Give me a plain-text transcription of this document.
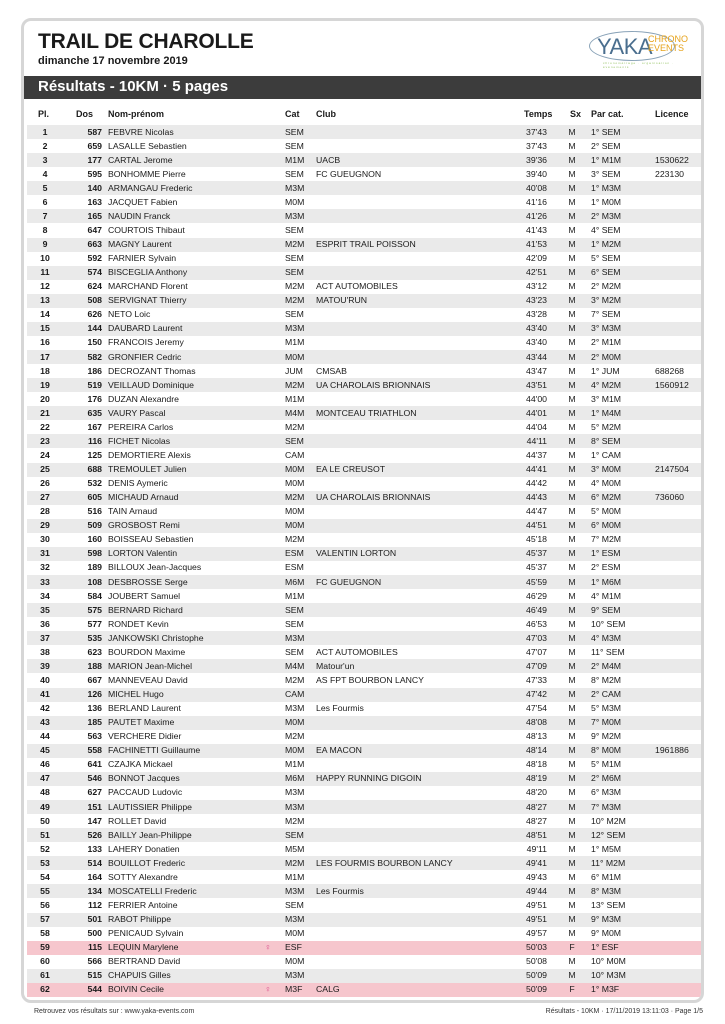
TRAIL DE CHAROLLE
dimanche 17 novembre 2019
YAKA
CHRONO
EVENTS
chronométrage · organisation · évènements
Résultats - 10KM · 5 pages
Pl.	Dos Nom-prénom	Cat Club	Temps Sx Par cat.	Licence
1	587 FEBVRE Nicolas	SEM	37'43 M 1° SEM
2	659 LASALLE Sebastien	SEM	37'43 M 2° SEM
3	177 CARTAL Jerome	M1M UACB	39'36 M 1° M1M	1530622
4	595 BONHOMME Pierre	SEM FC GUEUGNON	39'40 M 3° SEM	223130
5	140 ARMANGAU Frederic	M3M	40'08 M 1° M3M
6	163 JACQUET Fabien	M0M	41'16 M 1° M0M
7	165 NAUDIN Franck	M3M	41'26 M 2° M3M
8	647 COURTOIS Thibaut	SEM	41'43 M 4° SEM
9	663 MAGNY Laurent	M2M ESPRIT TRAIL POISSON	41'53 M 1° M2M
10	592 FARNIER Sylvain	SEM	42'09 M 5° SEM
11	574 BISCEGLIA Anthony	SEM	42'51 M 6° SEM
12	624 MARCHAND Florent	M2M ACT AUTOMOBILES	43'12 M 2° M2M
13	508 SERVIGNAT Thierry	M2M MATOU'RUN	43'23 M 3° M2M
14	626 NETO Loic	SEM	43'28 M 7° SEM
15	144 DAUBARD Laurent	M3M	43'40 M 3° M3M
16	150 FRANCOIS Jeremy	M1M	43'40 M 2° M1M
17	582 GRONFIER Cedric	M0M	43'44 M 2° M0M
18	186 DECROZANT Thomas	JUM CMSAB	43'47 M 1° JUM	688268
19	519 VEILLAUD Dominique	M2M UA CHAROLAIS BRIONNAIS	43'51 M 4° M2M	1560912
20	176 DUZAN Alexandre	M1M	44'00 M 3° M1M
21	635 VAURY Pascal	M4M MONTCEAU TRIATHLON	44'01 M 1° M4M
22	167 PEREIRA Carlos	M2M	44'04 M 5° M2M
23	116 FICHET Nicolas	SEM	44'11 M 8° SEM
24	125 DEMORTIERE Alexis	CAM	44'37 M 1° CAM
25	688 TREMOULET Julien	M0M EA LE CREUSOT	44'41 M 3° M0M	2147504
26	532 DENIS Aymeric	M0M	44'42 M 4° M0M
27	605 MICHAUD Arnaud	M2M UA CHAROLAIS BRIONNAIS	44'43 M 6° M2M	736060
28	516 TAIN Arnaud	M0M	44'47 M 5° M0M
29	509 GROSBOST Remi	M0M	44'51 M 6° M0M
30	160 BOISSEAU Sebastien	M2M	45'18 M 7° M2M
31	598 LORTON Valentin	ESM VALENTIN LORTON	45'37 M 1° ESM
32	189 BILLOUX Jean-Jacques	ESM	45'37 M 2° ESM
33	108 DESBROSSE Serge	M6M FC GUEUGNON	45'59 M 1° M6M
34	584 JOUBERT Samuel	M1M	46'29 M 4° M1M
35	575 BERNARD Richard	SEM	46'49 M 9° SEM
36	577 RONDET Kevin	SEM	46'53 M 10° SEM
37	535 JANKOWSKI Christophe	M3M	47'03 M 4° M3M
38	623 BOURDON Maxime	SEM ACT AUTOMOBILES	47'07 M 11° SEM
39	188 MARION Jean-Michel	M4M Matour'un	47'09 M 2° M4M
40	667 MANNEVEAU David	M2M AS FPT BOURBON LANCY	47'33 M 8° M2M
41	126 MICHEL Hugo	CAM	47'42 M 2° CAM
42	136 BERLAND Laurent	M3M Les Fourmis	47'54 M 5° M3M
43	185 PAUTET Maxime	M0M	48'08 M 7° M0M
44	563 VERCHERE Didier	M2M	48'13 M 9° M2M
45	558 FACHINETTI Guillaume	M0M EA MACON	48'14 M 8° M0M	1961886
46	641 CZAJKA Mickael	M1M	48'18 M 5° M1M
47	546 BONNOT Jacques	M6M HAPPY RUNNING DIGOIN	48'19 M 2° M6M
48	627 PACCAUD Ludovic	M3M	48'20 M 6° M3M
49	151 LAUTISSIER Philippe	M3M	48'27 M 7° M3M
50	147 ROLLET David	M2M	48'27 M 10° M2M
51	526 BAILLY Jean-Philippe	SEM	48'51 M 12° SEM
52	133 LAHERY Donatien	M5M	49'11 M 1° M5M
53	514 BOUILLOT Frederic	M2M LES FOURMIS BOURBON LANCY	49'41 M 11° M2M
54	164 SOTTY Alexandre	M1M	49'43 M 6° M1M
55	134 MOSCATELLI Frederic	M3M Les Fourmis	49'44 M 8° M3M
56	112 FERRIER Antoine	SEM	49'51 M 13° SEM
57	501 RABOT Philippe	M3M	49'51 M 9° M3M
58	500 PENICAUD Sylvain	M0M	49'57 M 9° M0M
59	115 LEQUIN Marylene	ESF	50'03	F 1° ESF
♀
60	566 BERTRAND David	M0M	50'08 M 10° M0M
61	515 CHAPUIS Gilles	M3M	50'09 M 10° M3M
62	544 BOIVIN Cecile	M3F CALG	50'09	F 1° M3F
♀
Retrouvez vos résultats sur : www.yaka-events.com	Résultats - 10KM · 17/11/2019 13:11:03 · Page 1/5
